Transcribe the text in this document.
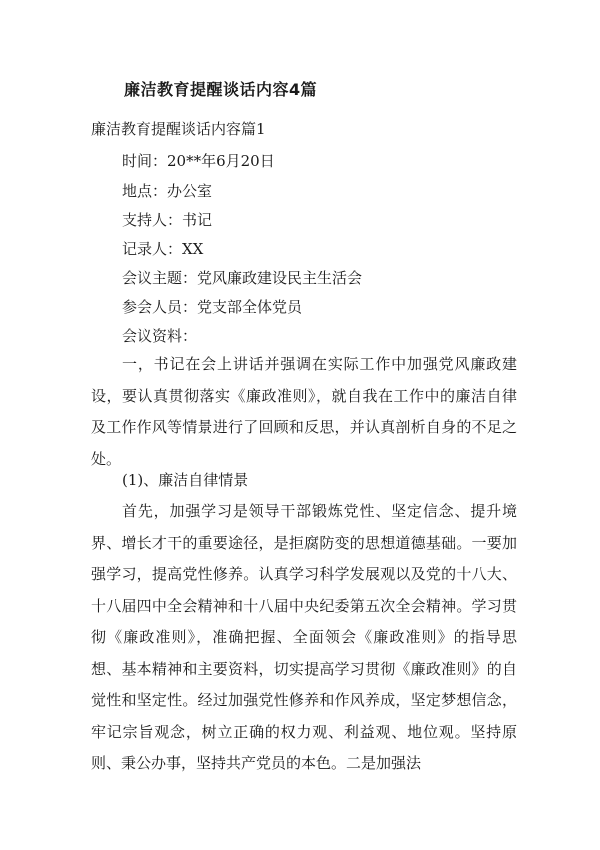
廉洁教育提醒谈话内容4篇

廉洁教育提醒谈话内容篇1

时间：20**年6月20日

地点：办公室

支持人：书记

记录人：XX

会议主题：党风廉政建设民主生活会

参会人员：党支部全体党员

会议资料：

一，书记在会上讲话并强调在实际工作中加强党风廉政建设，要认真贯彻落实《廉政准则》，就自我在工作中的廉洁自律及工作作风等情景进行了回顾和反思，并认真剖析自身的不足之处。

(1)、廉洁自律情景

首先，加强学习是领导干部锻炼党性、坚定信念、提升境界、增长才干的重要途径，是拒腐防变的思想道德基础。一要加强学习，提高党性修养。认真学习科学发展观以及党的十八大、十八届四中全会精神和十八届中央纪委第五次全会精神。学习贯彻《廉政准则》，准确把握、全面领会《廉政准则》的指导思想、基本精神和主要资料，切实提高学习贯彻《廉政准则》的自觉性和坚定性。经过加强党性修养和作风养成，坚定梦想信念，牢记宗旨观念，树立正确的权力观、利益观、地位观。坚持原则、秉公办事，坚持共产党员的本色。二是加强法
